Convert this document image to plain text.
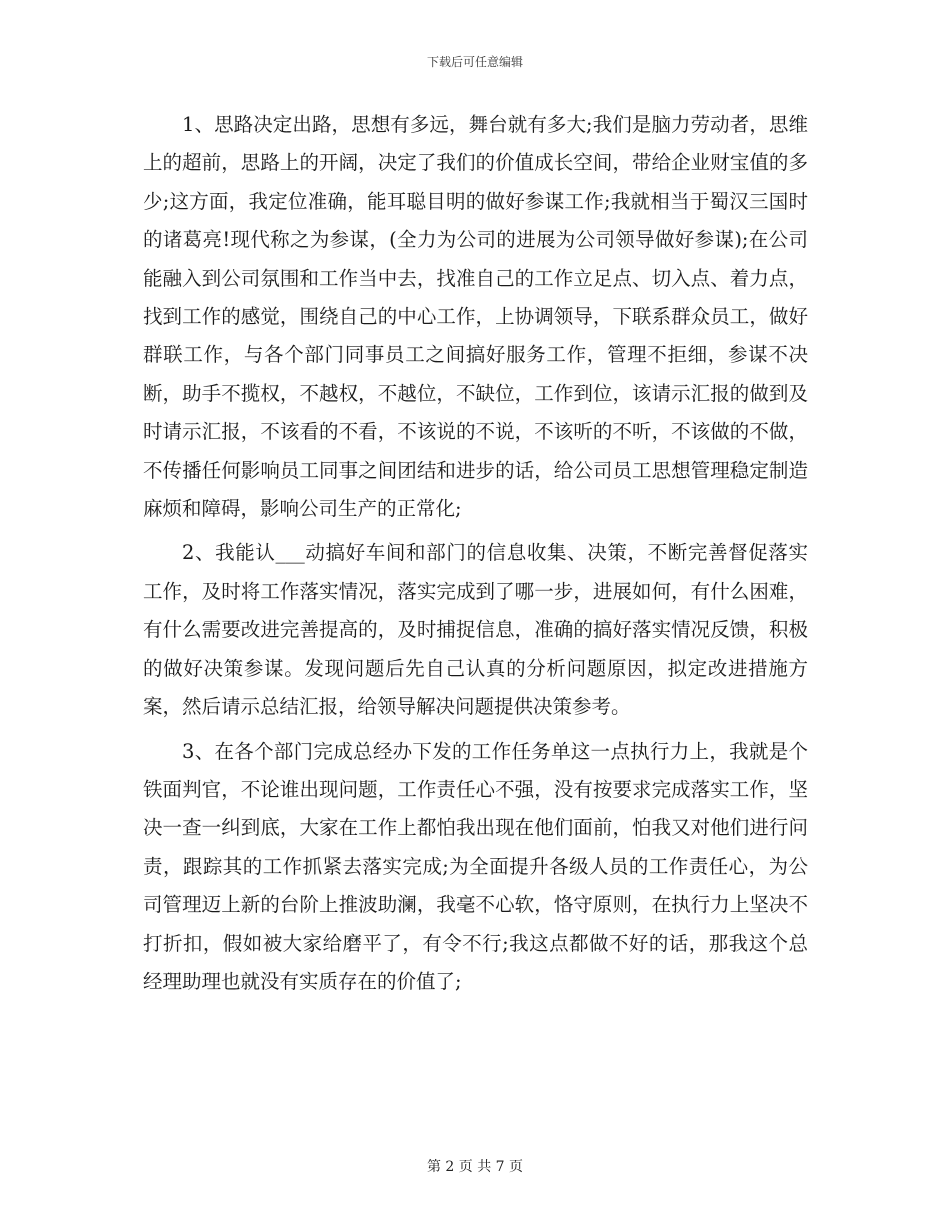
下载后可任意编辑

1、思路决定出路，思想有多远，舞台就有多大;我们是脑力劳动者，思维上的超前，思路上的开阔，决定了我们的价值成长空间，带给企业财宝值的多少;这方面，我定位准确，能耳聪目明的做好参谋工作;我就相当于蜀汉三国时的诸葛亮!现代称之为参谋，(全力为公司的进展为公司领导做好参谋);在公司能融入到公司氛围和工作当中去，找准自己的工作立足点、切入点、着力点，找到工作的感觉，围绕自己的中心工作，上协调领导，下联系群众员工，做好群联工作，与各个部门同事员工之间搞好服务工作，管理不拒细，参谋不决断，助手不揽权，不越权，不越位，不缺位，工作到位，该请示汇报的做到及时请示汇报，不该看的不看，不该说的不说，不该听的不听，不该做的不做，不传播任何影响员工同事之间团结和进步的话，给公司员工思想管理稳定制造麻烦和障碍，影响公司生产的正常化;

2、我能认___动搞好车间和部门的信息收集、决策，不断完善督促落实工作，及时将工作落实情况，落实完成到了哪一步，进展如何，有什么困难，有什么需要改进完善提高的，及时捕捉信息，准确的搞好落实情况反馈，积极的做好决策参谋。发现问题后先自己认真的分析问题原因，拟定改进措施方案，然后请示总结汇报，给领导解决问题提供决策参考。

3、在各个部门完成总经办下发的工作任务单这一点执行力上，我就是个铁面判官，不论谁出现问题，工作责任心不强，没有按要求完成落实工作，坚决一查一纠到底，大家在工作上都怕我出现在他们面前，怕我又对他们进行问责，跟踪其的工作抓紧去落实完成;为全面提升各级人员的工作责任心，为公司管理迈上新的台阶上推波助澜，我毫不心软，恪守原则，在执行力上坚决不打折扣，假如被大家给磨平了，有令不行;我这点都做不好的话，那我这个总经理助理也就没有实质存在的价值了;

第 2 页 共 7 页
